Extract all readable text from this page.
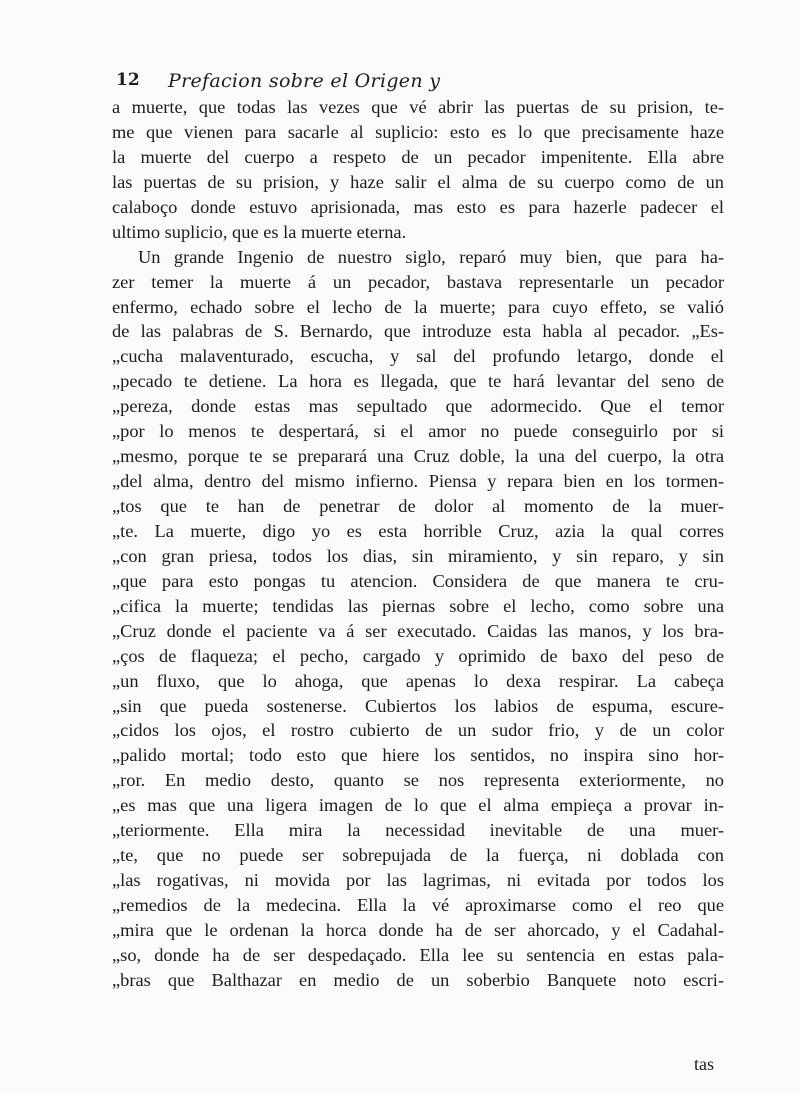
12 Prefacion sobre el Origen y
a muerte, que todas las vezes que vé abrir las puertas de su prision, te-
me que vienen para sacarle al suplicio: esto es lo que precisamente haze
la muerte del cuerpo a respeto de un pecador impenitente. Ella abre
las puertas de su prision, y haze salir el alma de su cuerpo como de un
calaboço donde estuvo aprisionada, mas esto es para hazerle padecer el
ultimo suplicio, que es la muerte eterna.
Un grande Ingenio de nuestro siglo, reparó muy bien, que para ha-
zer temer la muerte á un pecador, bastava representarle un pecador
enfermo, echado sobre el lecho de la muerte; para cuyo effeto, se valió
de las palabras de S. Bernardo, que introduze esta habla al pecador. „Es-
„cucha malaventurado, escucha, y sal del profundo letargo, donde el
„pecado te detiene. La hora es llegada, que te hará levantar del seno de
„pereza, donde estas mas sepultado que adormecido. Que el temor
„por lo menos te despertará, si el amor no puede conseguirlo por si
„mesmo, porque te se preparará una Cruz doble, la una del cuerpo, la otra
„del alma, dentro del mismo infierno. Piensa y repara bien en los tormen-
„tos que te han de penetrar de dolor al momento de la muer-
„te. La muerte, digo yo es esta horrible Cruz, azia la qual corres
„con gran priesa, todos los dias, sin miramiento, y sin reparo, y sin
„que para esto pongas tu atencion. Considera de que manera te cru-
„cifica la muerte; tendidas las piernas sobre el lecho, como sobre una
„Cruz donde el paciente va á ser executado. Caidas las manos, y los bra-
„ços de flaqueza; el pecho, cargado y oprimido de baxo del peso de
„un fluxo, que lo ahoga, que apenas lo dexa respirar. La cabeça
„sin que pueda sostenerse. Cubiertos los labios de espuma, escure-
„cidos los ojos, el rostro cubierto de un sudor frio, y de un color
„palido mortal; todo esto que hiere los sentidos, no inspira sino hor-
„ror. En medio desto, quanto se nos representa exteriormente, no
„es mas que una ligera imagen de lo que el alma empieça a provar in-
„teriormente. Ella mira la necessidad inevitable de una muer-
„te, que no puede ser sobrepujada de la fuerça, ni doblada con
„las rogativas, ni movida por las lagrimas, ni evitada por todos los
„remedios de la medecina. Ella la vé aproximarse como el reo que
„mira que le ordenan la horca donde ha de ser ahorcado, y el Cadahal-
„so, donde ha de ser despedaçado. Ella lee su sentencia en estas pala-
„bras que Balthazar en medio de un soberbio Banquete noto escri-
tas
